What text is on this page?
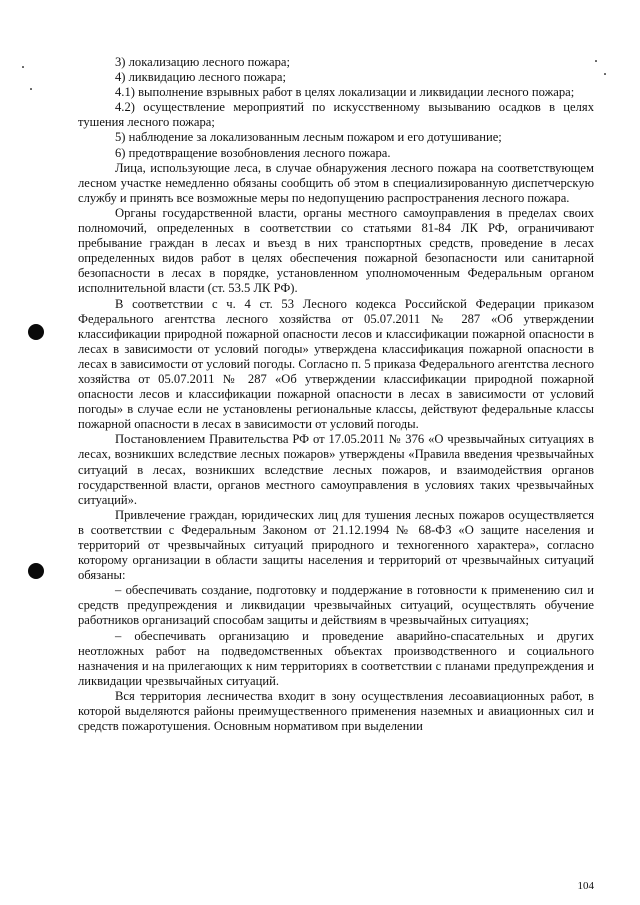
3) локализацию лесного пожара;

4) ликвидацию лесного пожара;

4.1) выполнение взрывных работ в целях локализации и ликвидации лесного пожара;

4.2) осуществление мероприятий по искусственному вызыванию осадков в целях тушения лесного пожара;

5) наблюдение за локализованным лесным пожаром и его дотушивание;

6) предотвращение возобновления лесного пожара.

Лица, использующие леса, в случае обнаружения лесного пожара на соответствующем лесном участке немедленно обязаны сообщить об этом в специализированную диспетчерскую службу и принять все возможные меры по недопущению распространения лесного пожара.

Органы государственной власти, органы местного самоуправления в пределах своих полномочий, определенных в соответствии со статьями 81-84 ЛК РФ, ограничивают пребывание граждан в лесах и въезд в них транспортных средств, проведение в лесах определенных видов работ в целях обеспечения пожарной безопасности или санитарной безопасности в лесах в порядке, установленном уполномоченным Федеральным органом исполнительной власти (ст. 53.5 ЛК РФ).

В соответствии с ч. 4 ст. 53 Лесного кодекса Российской Федерации приказом Федерального агентства лесного хозяйства от 05.07.2011 № 287 «Об утверждении классификации природной пожарной опасности лесов и классификации пожарной опасности в лесах в зависимости от условий погоды» утверждена классификация пожарной опасности в лесах в зависимости от условий погоды. Согласно п. 5 приказа Федерального агентства лесного хозяйства от 05.07.2011 № 287 «Об утверждении классификации природной пожарной опасности лесов и классификации пожарной опасности в лесах в зависимости от условий погоды» в случае если не установлены региональные классы, действуют федеральные классы пожарной опасности в лесах в зависимости от условий погоды.

Постановлением Правительства РФ от 17.05.2011 № 376 «О чрезвычайных ситуациях в лесах, возникших вследствие лесных пожаров» утверждены «Правила введения чрезвычайных ситуаций в лесах, возникших вследствие лесных пожаров, и взаимодействия органов государственной власти, органов местного самоуправления в условиях таких чрезвычайных ситуаций».

Привлечение граждан, юридических лиц для тушения лесных пожаров осуществляется в соответствии с Федеральным Законом от 21.12.1994 № 68-ФЗ «О защите населения и территорий от чрезвычайных ситуаций природного и техногенного характера», согласно которому организации в области защиты населения и территорий от чрезвычайных ситуаций обязаны:

– обеспечивать создание, подготовку и поддержание в готовности к применению сил и средств предупреждения и ликвидации чрезвычайных ситуаций, осуществлять обучение работников организаций способам защиты и действиям в чрезвычайных ситуациях;

– обеспечивать организацию и проведение аварийно-спасательных и других неотложных работ на подведомственных объектах производственного и социального назначения и на прилегающих к ним территориях в соответствии с планами предупреждения и ликвидации чрезвычайных ситуаций.

Вся территория лесничества входит в зону осуществления лесоавиационных работ, в которой выделяются районы преимущественного применения наземных и авиационных сил и средств пожаротушения. Основным нормативом при выделении

104
